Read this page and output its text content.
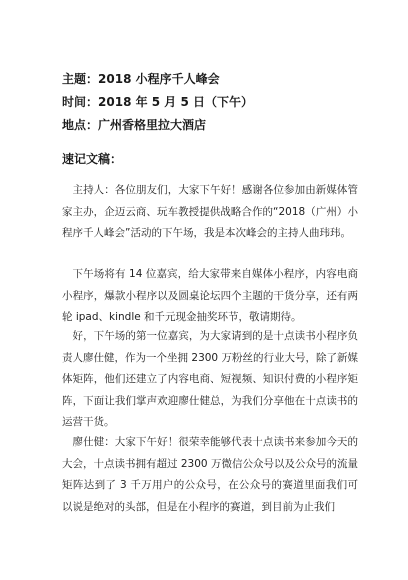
主题：2018 小程序千人峰会
时间：2018 年 5 月 5 日（下午）
地点：广州香格里拉大酒店
速记文稿：

主持人：各位朋友们，大家下午好！感谢各位参加由新媒体管家主办，企迈云商、玩车教授提供战略合作的“2018（广州）小程序千人峰会”活动的下午场，我是本次峰会的主持人曲玮玮。

下午场将有 14 位嘉宾，给大家带来自媒体小程序，内容电商小程序，爆款小程序以及圆桌论坛四个主题的干货分享，还有两轮 ipad、kindle 和千元现金抽奖环节，敬请期待。

好，下午场的第一位嘉宾，为大家请到的是十点读书小程序负责人廖仕健，作为一个坐拥 2300 万粉丝的行业大号，除了新媒体矩阵，他们还建立了内容电商、短视频、知识付费的小程序矩阵，下面让我们掌声欢迎廖仕健总，为我们分享他在十点读书的运营干货。

廖仕健：大家下午好！很荣幸能够代表十点读书来参加今天的大会，十点读书拥有超过 2300 万微信公众号以及公众号的流量矩阵达到了 3 千万用户的公众号，在公众号的赛道里面我们可以说是绝对的头部，但是在小程序的赛道，到目前为止我们
